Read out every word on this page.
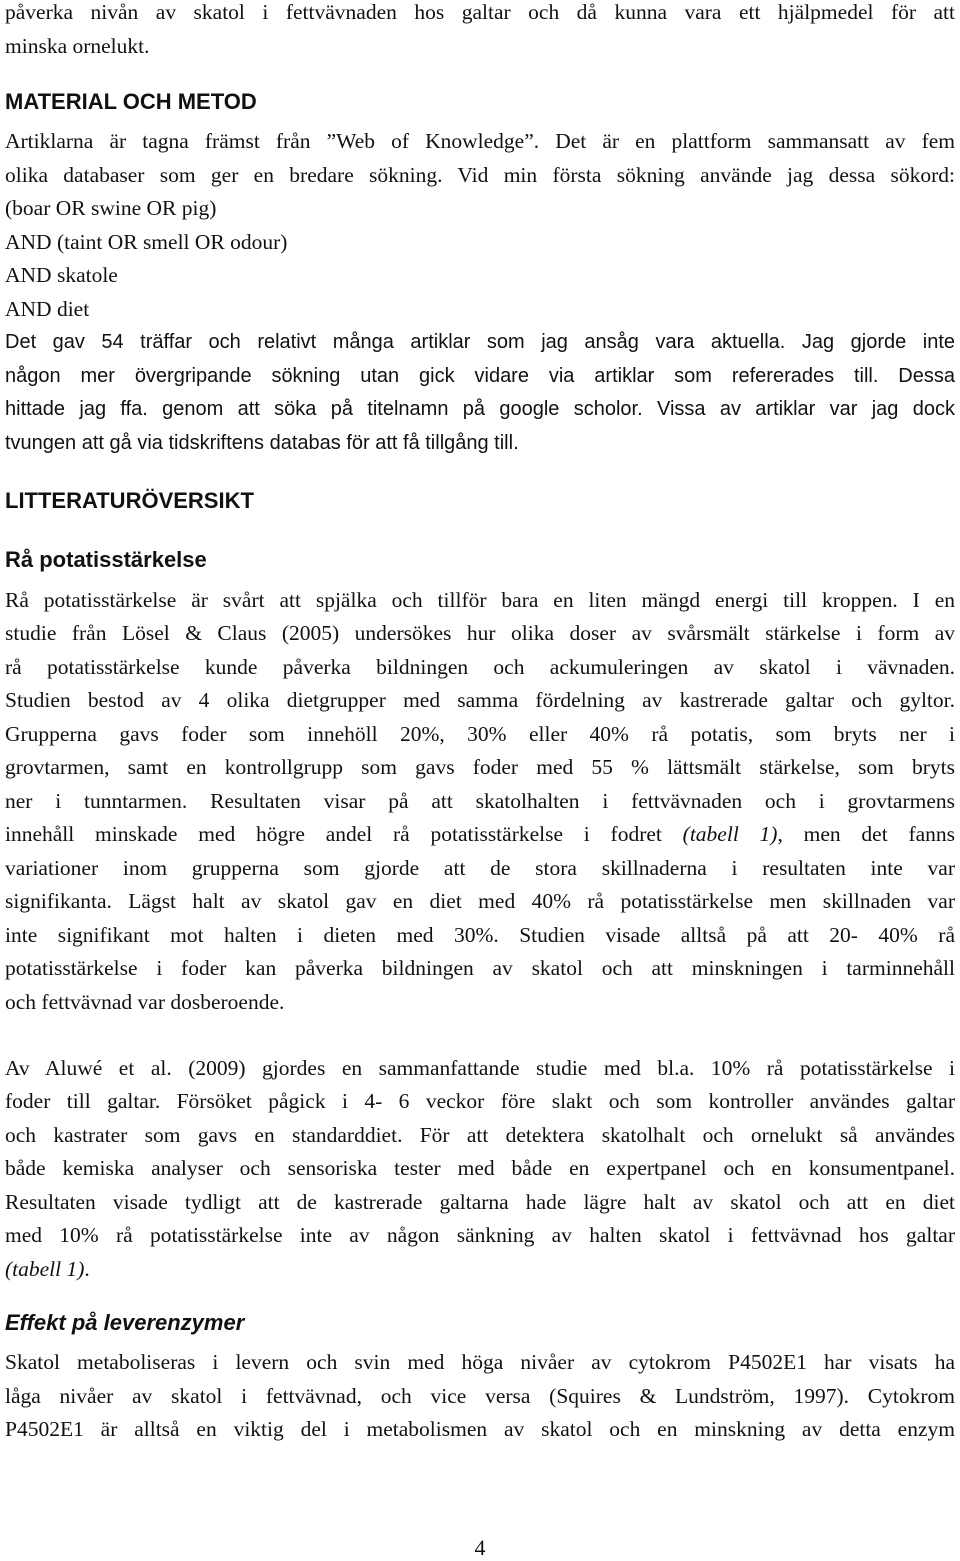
påverka nivån av skatol i fettvävnaden hos galtar och då kunna vara ett hjälpmedel för att
minska ornelukt.
MATERIAL OCH METOD
Artiklarna är tagna främst från ”Web of Knowledge”. Det är en plattform sammansatt av fem
olika databaser som ger en bredare sökning. Vid min första sökning använde jag dessa sökord:
(boar OR swine OR pig)
AND (taint OR smell OR odour)
AND skatole
AND diet
Det gav 54 träffar och relativt många artiklar som jag ansåg vara aktuella. Jag gjorde inte
någon mer övergripande sökning utan gick vidare via artiklar som refererades till. Dessa
hittade jag ffa. genom att söka på titelnamn på google scholor. Vissa av artiklar var jag dock
tvungen att gå via tidskriftens databas för att få tillgång till.
LITTERATURÖVERSIKT
Rå potatisstärkelse
Rå potatisstärkelse är svårt att spjälka och tillför bara en liten mängd energi till kroppen. I en
studie från Lösel & Claus (2005) undersökes hur olika doser av svårsmält stärkelse i form av
rå potatisstärkelse kunde påverka bildningen och ackumuleringen av skatol i vävnaden.
Studien bestod av 4 olika dietgrupper med samma fördelning av kastrerade galtar och gyltor.
Grupperna gavs foder som innehöll 20%, 30% eller 40% rå potatis, som bryts ner i
grovtarmen, samt en kontrollgrupp som gavs foder med 55 % lättsmält stärkelse, som bryts
ner i tunntarmen. Resultaten visar på att skatolhalten i fettvävnaden och i grovtarmens
innehåll minskade med högre andel rå potatisstärkelse i fodret (tabell 1), men det fanns
variationer inom grupperna som gjorde att de stora skillnaderna i resultaten inte var
signifikanta. Lägst halt av skatol gav en diet med 40% rå potatisstärkelse men skillnaden var
inte signifikant mot halten i dieten med 30%. Studien visade alltså på att 20- 40% rå
potatisstärkelse i foder kan påverka bildningen av skatol och att minskningen i tarminnehåll
och fettvävnad var dosberoende.
Av Aluwé et al. (2009) gjordes en sammanfattande studie med bl.a. 10% rå potatisstärkelse i
foder till galtar. Försöket pågick i 4- 6 veckor före slakt och som kontroller användes galtar
och kastrater som gavs en standarddiet. För att detektera skatolhalt och ornelukt så användes
både kemiska analyser och sensoriska tester med både en expertpanel och en konsumentpanel.
Resultaten visade tydligt att de kastrerade galtarna hade lägre halt av skatol och att en diet
med 10% rå potatisstärkelse inte av någon sänkning av halten skatol i fettvävnad hos galtar
(tabell 1).
Effekt på leverenzymer
Skatol metaboliseras i levern och svin med höga nivåer av cytokrom P4502E1 har visats ha
låga nivåer av skatol i fettvävnad, och vice versa (Squires & Lundström, 1997). Cytokrom
P4502E1 är alltså en viktig del i metabolismen av skatol och en minskning av detta enzym
4
